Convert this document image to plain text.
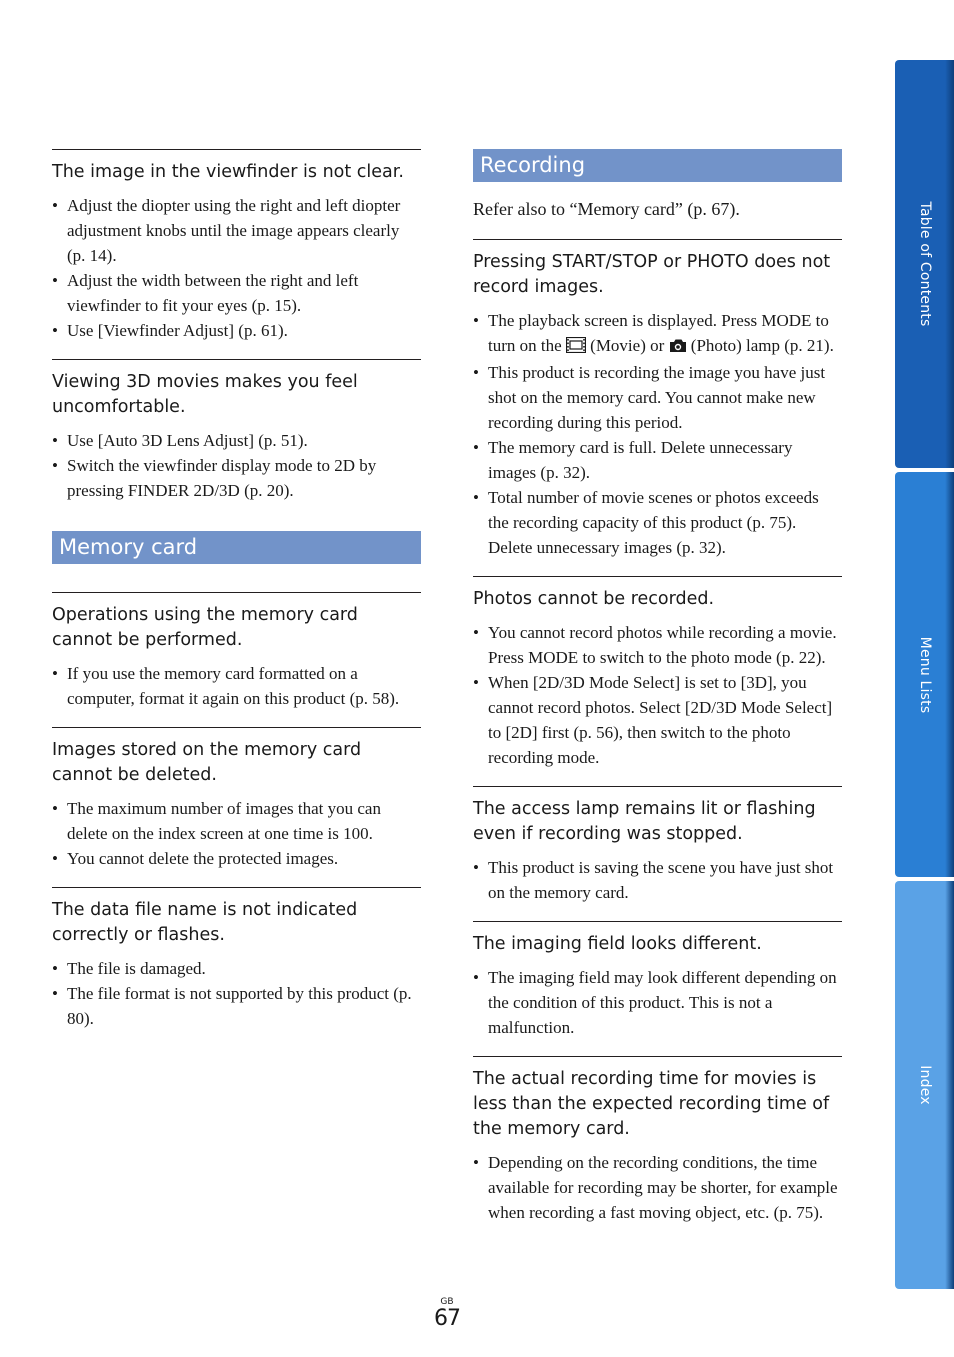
The image in the viewfinder is not clear.
• Adjust the diopter using the right and left diopter adjustment knobs until the image appears clearly (p. 14).
• Adjust the width between the right and left viewfinder to fit your eyes (p. 15).
• Use [Viewfinder Adjust] (p. 61).
Viewing 3D movies makes you feel uncomfortable.
• Use [Auto 3D Lens Adjust] (p. 51).
• Switch the viewfinder display mode to 2D by pressing FINDER 2D/3D (p. 20).
Memory card
Operations using the memory card cannot be performed.
• If you use the memory card formatted on a computer, format it again on this product (p. 58).
Images stored on the memory card cannot be deleted.
• The maximum number of images that you can delete on the index screen at one time is 100.
• You cannot delete the protected images.
The data file name is not indicated correctly or flashes.
• The file is damaged.
• The file format is not supported by this product (p. 80).
Recording

Refer also to “Memory card” (p. 67).

Pressing START/STOP or PHOTO does not record images.
• The playback screen is displayed. Press MODE to turn on the  (Movie) or  (Photo) lamp (p. 21).
• This product is recording the image you have just shot on the memory card. You cannot make new recording during this period.
• The memory card is full. Delete unnecessary images (p. 32).
• Total number of movie scenes or photos exceeds the recording capacity of this product (p. 75). Delete unnecessary images (p. 32).
Photos cannot be recorded.
• You cannot record photos while recording a movie. Press MODE to switch to the photo mode (p. 22).
• When [2D/3D Mode Select] is set to [3D], you cannot record photos. Select [2D/3D Mode Select] to [2D] first (p. 56), then switch to the photo recording mode.
The access lamp remains lit or flashing even if recording was stopped.
• This product is saving the scene you have just shot on the memory card.
The imaging field looks different.
• The imaging field may look different depending on the condition of this product. This is not a malfunction.
The actual recording time for movies is less than the expected recording time of the memory card.
• Depending on the recording conditions, the time available for recording may be shorter, for example when recording a fast moving object, etc. (p. 75).
Table of Contents
Menu Lists
Index
GB
67
